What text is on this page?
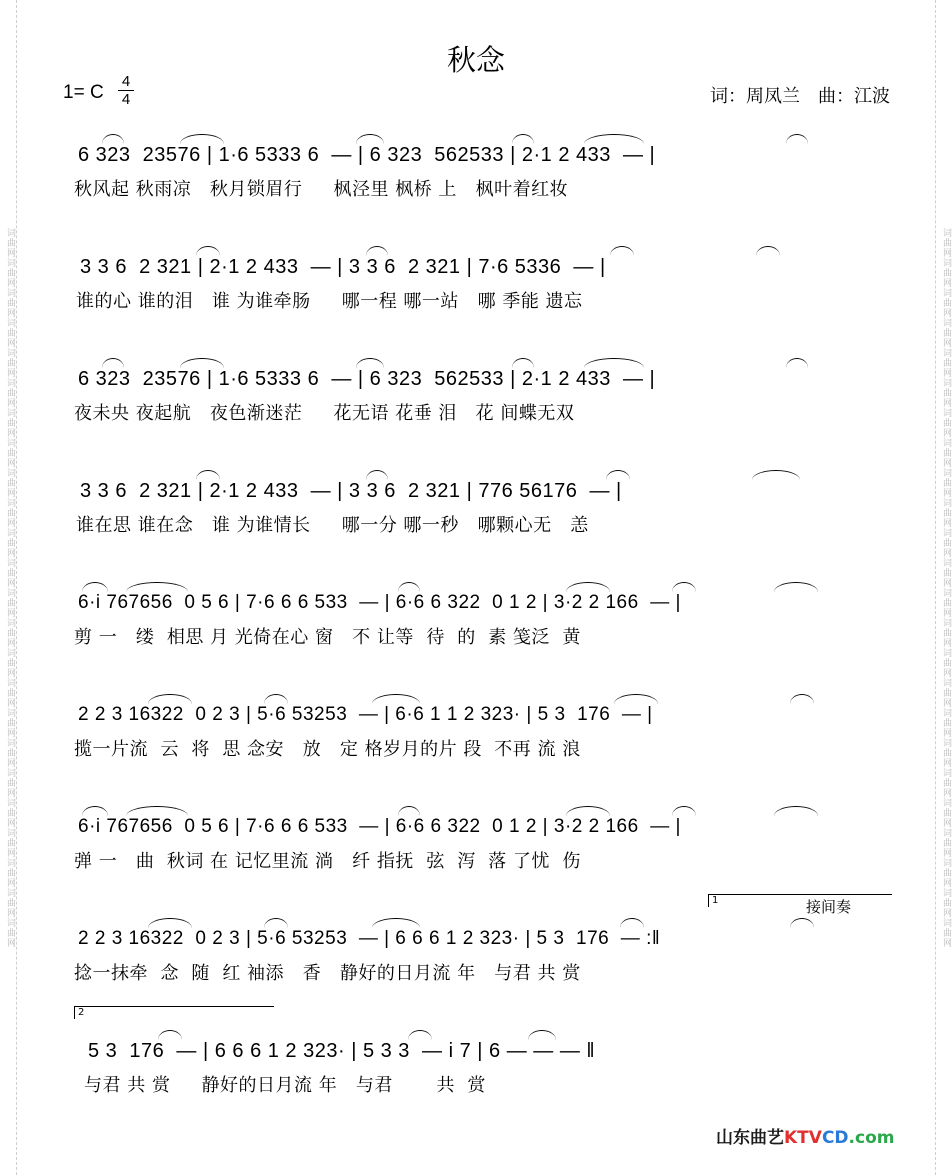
词曲网词曲网词曲网词曲网词曲网词曲网词曲网词曲网词曲网词曲网词曲网词曲网词曲网词曲网词曲网词曲网词曲网词曲网词曲网词曲网词曲网词曲网词曲网词曲网	词曲网词曲网词曲网词曲网词曲网词曲网词曲网词曲网词曲网词曲网词曲网词曲网词曲网词曲网词曲网词曲网词曲网词曲网词曲网词曲网词曲网词曲网词曲网词曲网
秋念
1= C
4
4	词：周凤兰 曲：江波
6 323  23576 | 1·6 5333 6  — | 6 323  562533 | 2·1 2 433  — |
秋风起 秋雨凉   秋月锁眉行     枫泾里 枫桥 上   枫叶着红妆
3 3 6  2 321 | 2·1 2 433  — | 3 3 6  2 321 | 7·6 5336  — |
谁的心 谁的泪   谁 为谁牵肠     哪一程 哪一站   哪 季能 遗忘
6 323  23576 | 1·6 5333 6  — | 6 323  562533 | 2·1 2 433  — |
夜未央 夜起航   夜色渐迷茫     花无语 花垂 泪   花 间蝶无双
3 3 6  2 321 | 2·1 2 433  — | 3 3 6  2 321 | 776 56176  — |
谁在思 谁在念   谁 为谁情长     哪一分 哪一秒   哪颗心无   恙
6·i 767656  0 5 6 | 7·6 6 6 533  — | 6·6 6 322  0 1 2 | 3·2 2 166  — |
剪 一   缕  相思 月 光倚在心 窗   不 让等  待  的  素 笺泛  黄
2 2 3 16322  0 2 3 | 5·6 53253  — | 6·6 1 1 2 323· | 5 3  176  — |
揽一片流  云  将  思 念安   放   定 格岁月的片 段  不再 流 浪
6·i 767656  0 5 6 | 7·6 6 6 533  — | 6·6 6 322  0 1 2 | 3·2 2 166  — |
弹 一   曲  秋词 在 记忆里流 淌   纤 指抚  弦  泻  落 了忧  伤
1	接间奏
2 2 3 16322  0 2 3 | 5·6 53253  — | 6 6 6 1 2 323· | 5 3  176  — :‖
捻一抹牵  念  随  红 袖添   香   静好的日月流 年   与君 共 赏
2
5 3  176  — | 6 6 6 1 2 323· | 5 3 3  — i 7 | 6 — — — ‖
与君 共 赏     静好的日月流 年   与君       共  赏
山东曲艺KTVCD.com
